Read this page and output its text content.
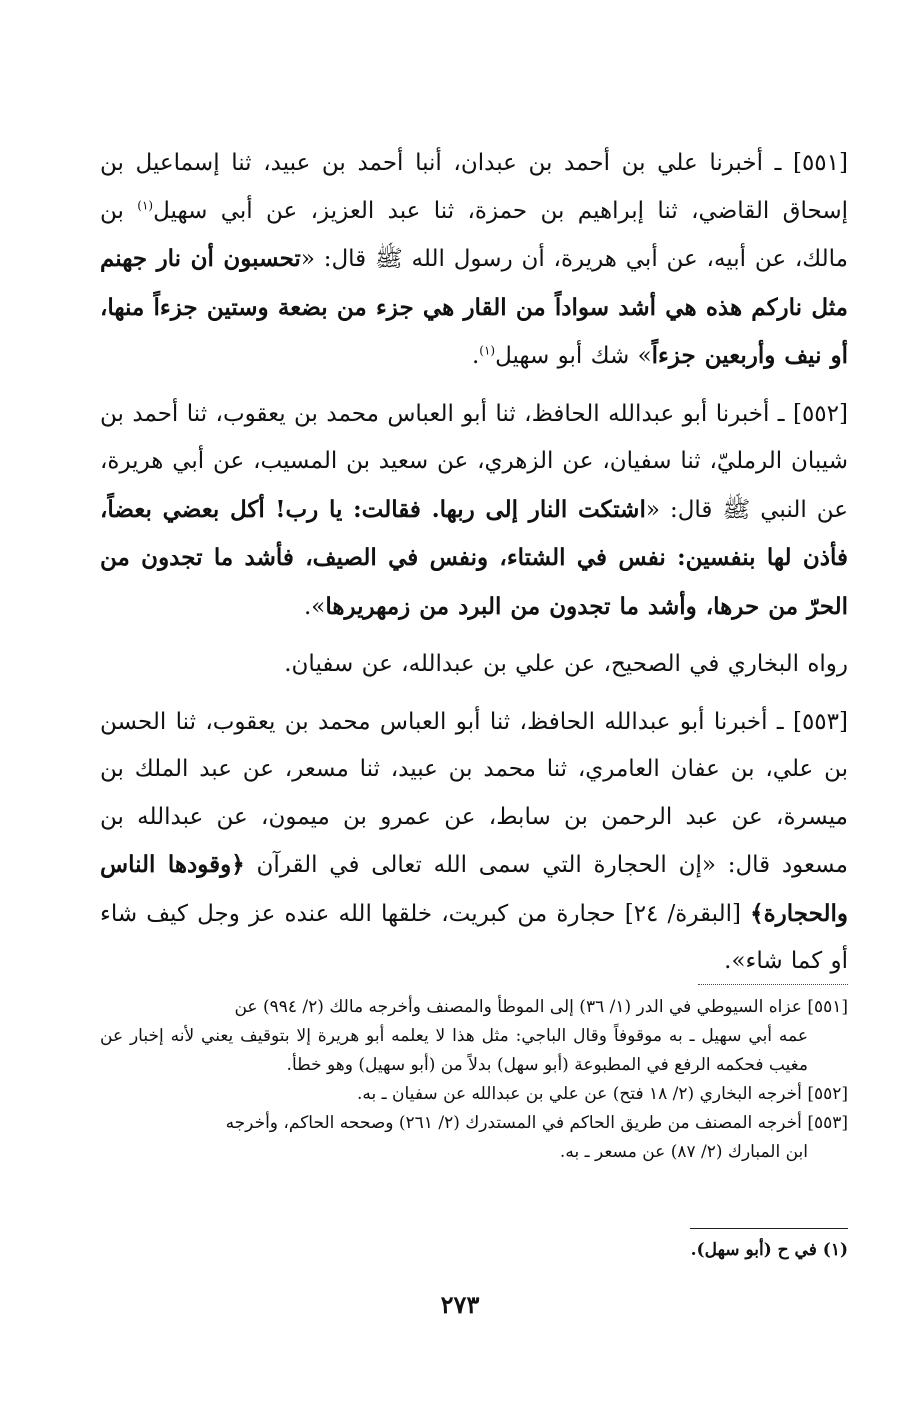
[٥٥١] ـ أخبرنا علي بن أحمد بن عبدان، أنبا أحمد بن عبيد، ثنا إسماعيل بن إسحاق القاضي، ثنا إبراهيم بن حمزة، ثنا عبد العزيز، عن أبي سهيل$^{(١)}$ بن مالك، عن أبيه، عن أبي هريرة، أن رسول الله ﷺ قال: «تحسبون أن نار جهنم مثل ناركم هذه هي أشد سواداً من القار هي جزء من بضعة وستين جزءاً منها، أو نيف وأربعين جزءاً» شك أبو سهيل$^{(١)}$.

[٥٥٢] ـ أخبرنا أبو عبدالله الحافظ، ثنا أبو العباس محمد بن يعقوب، ثنا أحمد بن شيبان الرمليّ، ثنا سفيان، عن الزهري، عن سعيد بن المسيب، عن أبي هريرة، عن النبي ﷺ قال: «اشتكت النار إلى ربها. فقالت: يا رب! أكل بعضي بعضاً، فأذن لها بنفسين: نفس في الشتاء، ونفس في الصيف، فأشد ما تجدون من الحرّ من حرها، وأشد ما تجدون من البرد من زمهريرها».

رواه البخاري في الصحيح، عن علي بن عبدالله، عن سفيان.

[٥٥٣] ـ أخبرنا أبو عبدالله الحافظ، ثنا أبو العباس محمد بن يعقوب، ثنا الحسن بن علي، بن عفان العامري، ثنا محمد بن عبيد، ثنا مسعر، عن عبد الملك بن ميسرة، عن عبد الرحمن بن سابط، عن عمرو بن ميمون، عن عبدالله بن مسعود قال: «إن الحجارة التي سمى الله تعالى في القرآن ﴿وقودها الناس والحجارة﴾ [البقرة/ ٢٤] حجارة من كبريت، خلقها الله عنده عز وجل كيف شاء أو كما شاء».

[٥٥١] عزاه السيوطي في الدر (١/ ٣٦) إلى الموطأ والمصنف وأخرجه مالك (٢/ ٩٩٤) عن
عمه أبي سهيل ـ به موقوفاً وقال الباجي: مثل هذا لا يعلمه أبو هريرة إلا بتوقيف يعني لأنه إخبار عن مغيب فحكمه الرفع في المطبوعة (أبو سهل) بدلاً من (أبو سهيل) وهو خطأ.

[٥٥٢] أخرجه البخاري (٢/ ١٨ فتح) عن علي بن عبدالله عن سفيان ـ به.

[٥٥٣] أخرجه المصنف من طريق الحاكم في المستدرك (٢/ ٢٦١) وصححه الحاكم، وأخرجه
ابن المبارك (٢/ ٨٧) عن مسعر ـ به.

(١) في ح (أبو سهل).
٢٧٣
